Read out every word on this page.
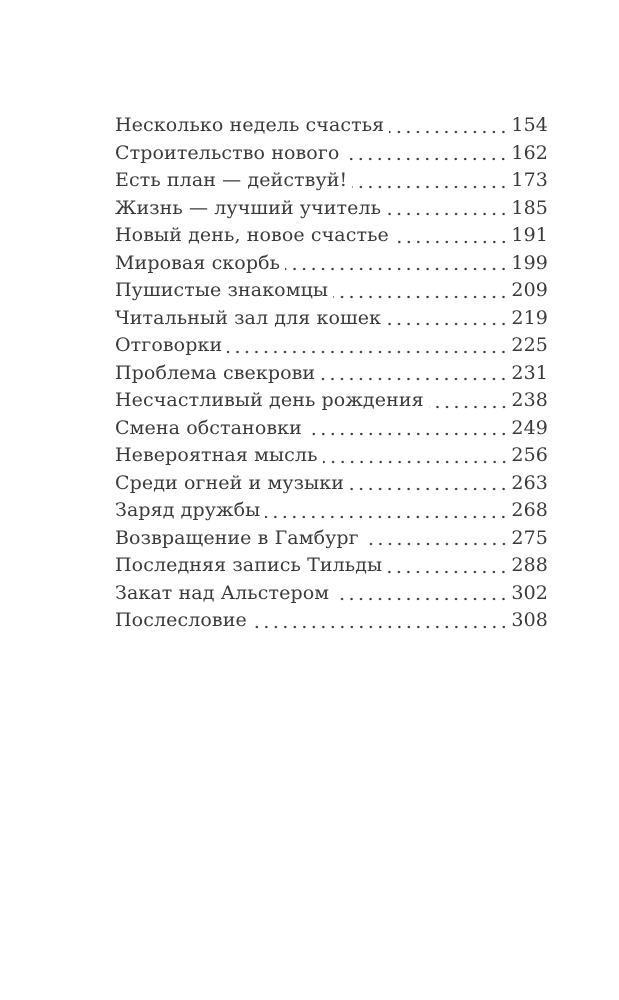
Несколько недель счастья	154
Строительство нового	162
Есть план — действуй!	173
Жизнь — лучший учитель	185
Новый день, новое счастье	191
Мировая скорбь	199
Пушистые знакомцы	209
Читальный зал для кошек	219
Отговорки	225
Проблема свекрови	231
Несчастливый день рождения	238
Смена обстановки	249
Невероятная мысль	256
Среди огней и музыки	263
Заряд дружбы	268
Возвращение в Гамбург	275
Последняя запись Тильды	288
Закат над Альстером	302
Послесловие	308
